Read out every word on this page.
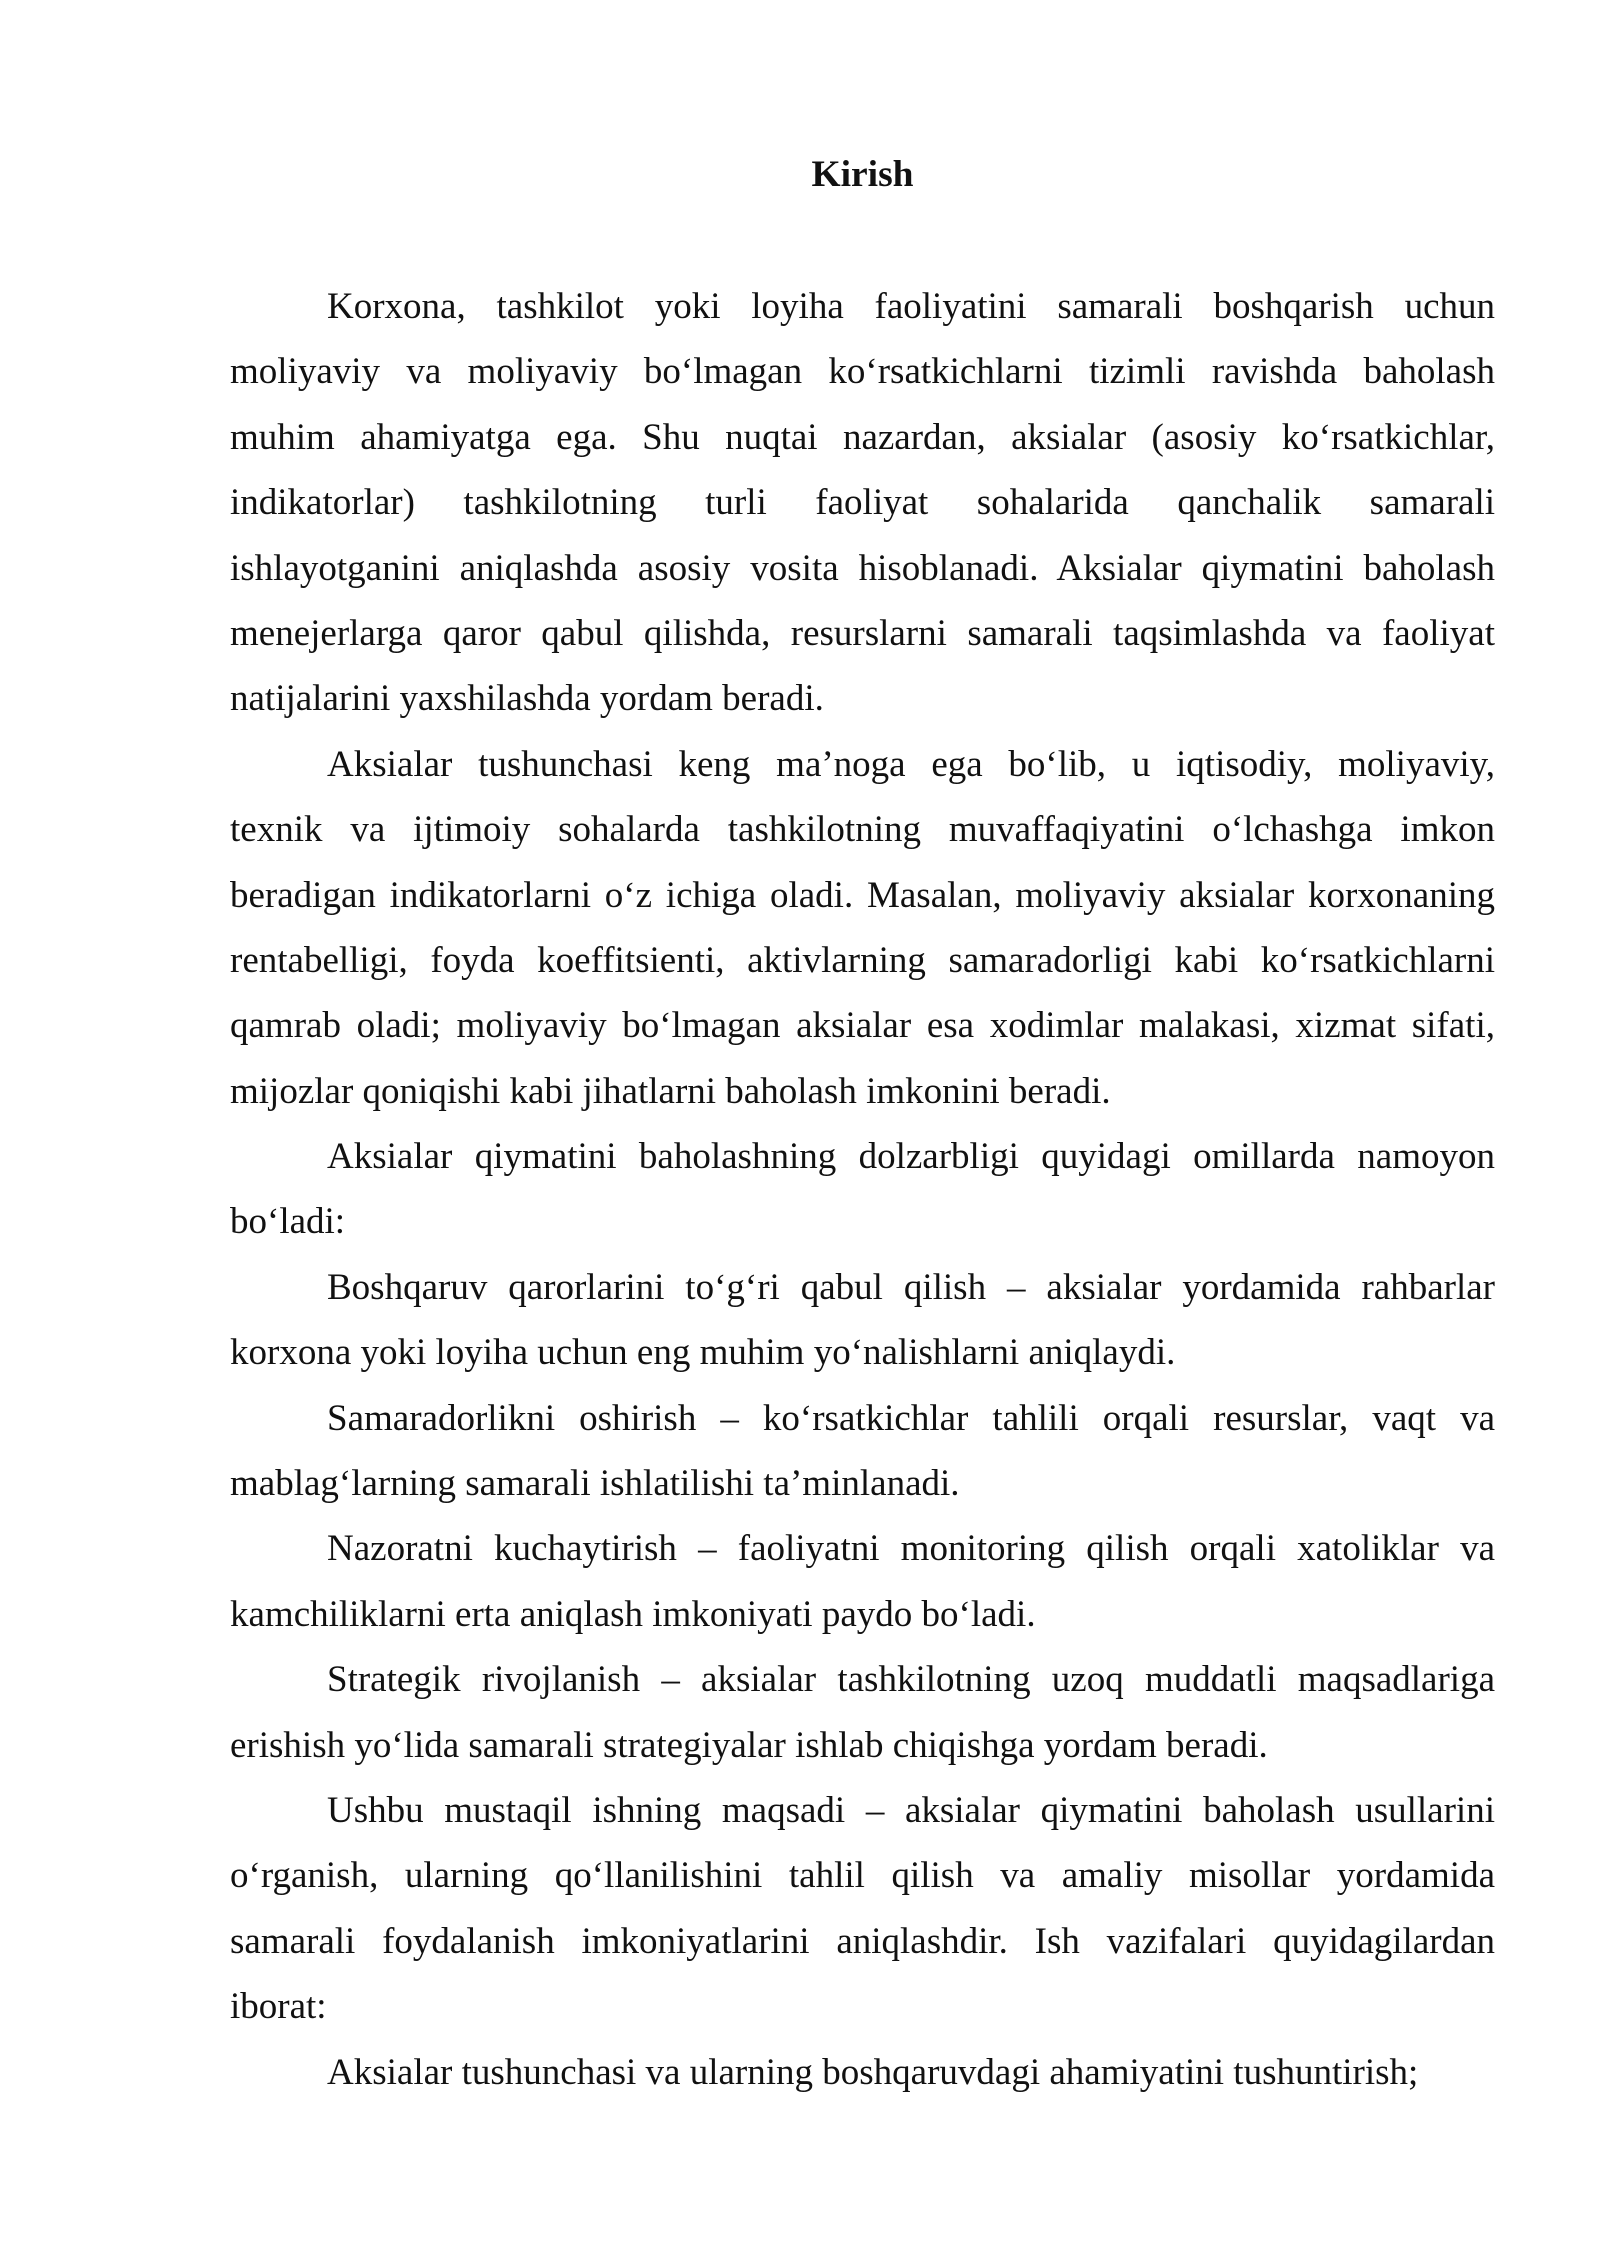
Kirish

Korxona, tashkilot yoki loyiha faoliyatini samarali boshqarish uchun
moliyaviy va moliyaviy bo‘lmagan ko‘rsatkichlarni tizimli ravishda baholash
muhim ahamiyatga ega. Shu nuqtai nazardan, aksialar (asosiy ko‘rsatkichlar,
indikatorlar) tashkilotning turli faoliyat sohalarida qanchalik samarali
ishlayotganini aniqlashda asosiy vosita hisoblanadi. Aksialar qiymatini baholash
menejerlarga qaror qabul qilishda, resurslarni samarali taqsimlashda va faoliyat
natijalarini yaxshilashda yordam beradi.

Aksialar tushunchasi keng ma’noga ega bo‘lib, u iqtisodiy, moliyaviy,
texnik va ijtimoiy sohalarda tashkilotning muvaffaqiyatini o‘lchashga imkon
beradigan indikatorlarni o‘z ichiga oladi. Masalan, moliyaviy aksialar korxonaning
rentabelligi, foyda koeffitsienti, aktivlarning samaradorligi kabi ko‘rsatkichlarni
qamrab oladi; moliyaviy bo‘lmagan aksialar esa xodimlar malakasi, xizmat sifati,
mijozlar qoniqishi kabi jihatlarni baholash imkonini beradi.

Aksialar qiymatini baholashning dolzarbligi quyidagi omillarda namoyon
bo‘ladi:

Boshqaruv qarorlarini to‘g‘ri qabul qilish – aksialar yordamida rahbarlar
korxona yoki loyiha uchun eng muhim yo‘nalishlarni aniqlaydi.

Samaradorlikni oshirish – ko‘rsatkichlar tahlili orqali resurslar, vaqt va
mablag‘larning samarali ishlatilishi ta’minlanadi.

Nazoratni kuchaytirish – faoliyatni monitoring qilish orqali xatoliklar va
kamchiliklarni erta aniqlash imkoniyati paydo bo‘ladi.

Strategik rivojlanish – aksialar tashkilotning uzoq muddatli maqsadlariga
erishish yo‘lida samarali strategiyalar ishlab chiqishga yordam beradi.

Ushbu mustaqil ishning maqsadi – aksialar qiymatini baholash usullarini
o‘rganish, ularning qo‘llanilishini tahlil qilish va amaliy misollar yordamida
samarali foydalanish imkoniyatlarini aniqlashdir. Ish vazifalari quyidagilardan
iborat:

Aksialar tushunchasi va ularning boshqaruvdagi ahamiyatini tushuntirish;
